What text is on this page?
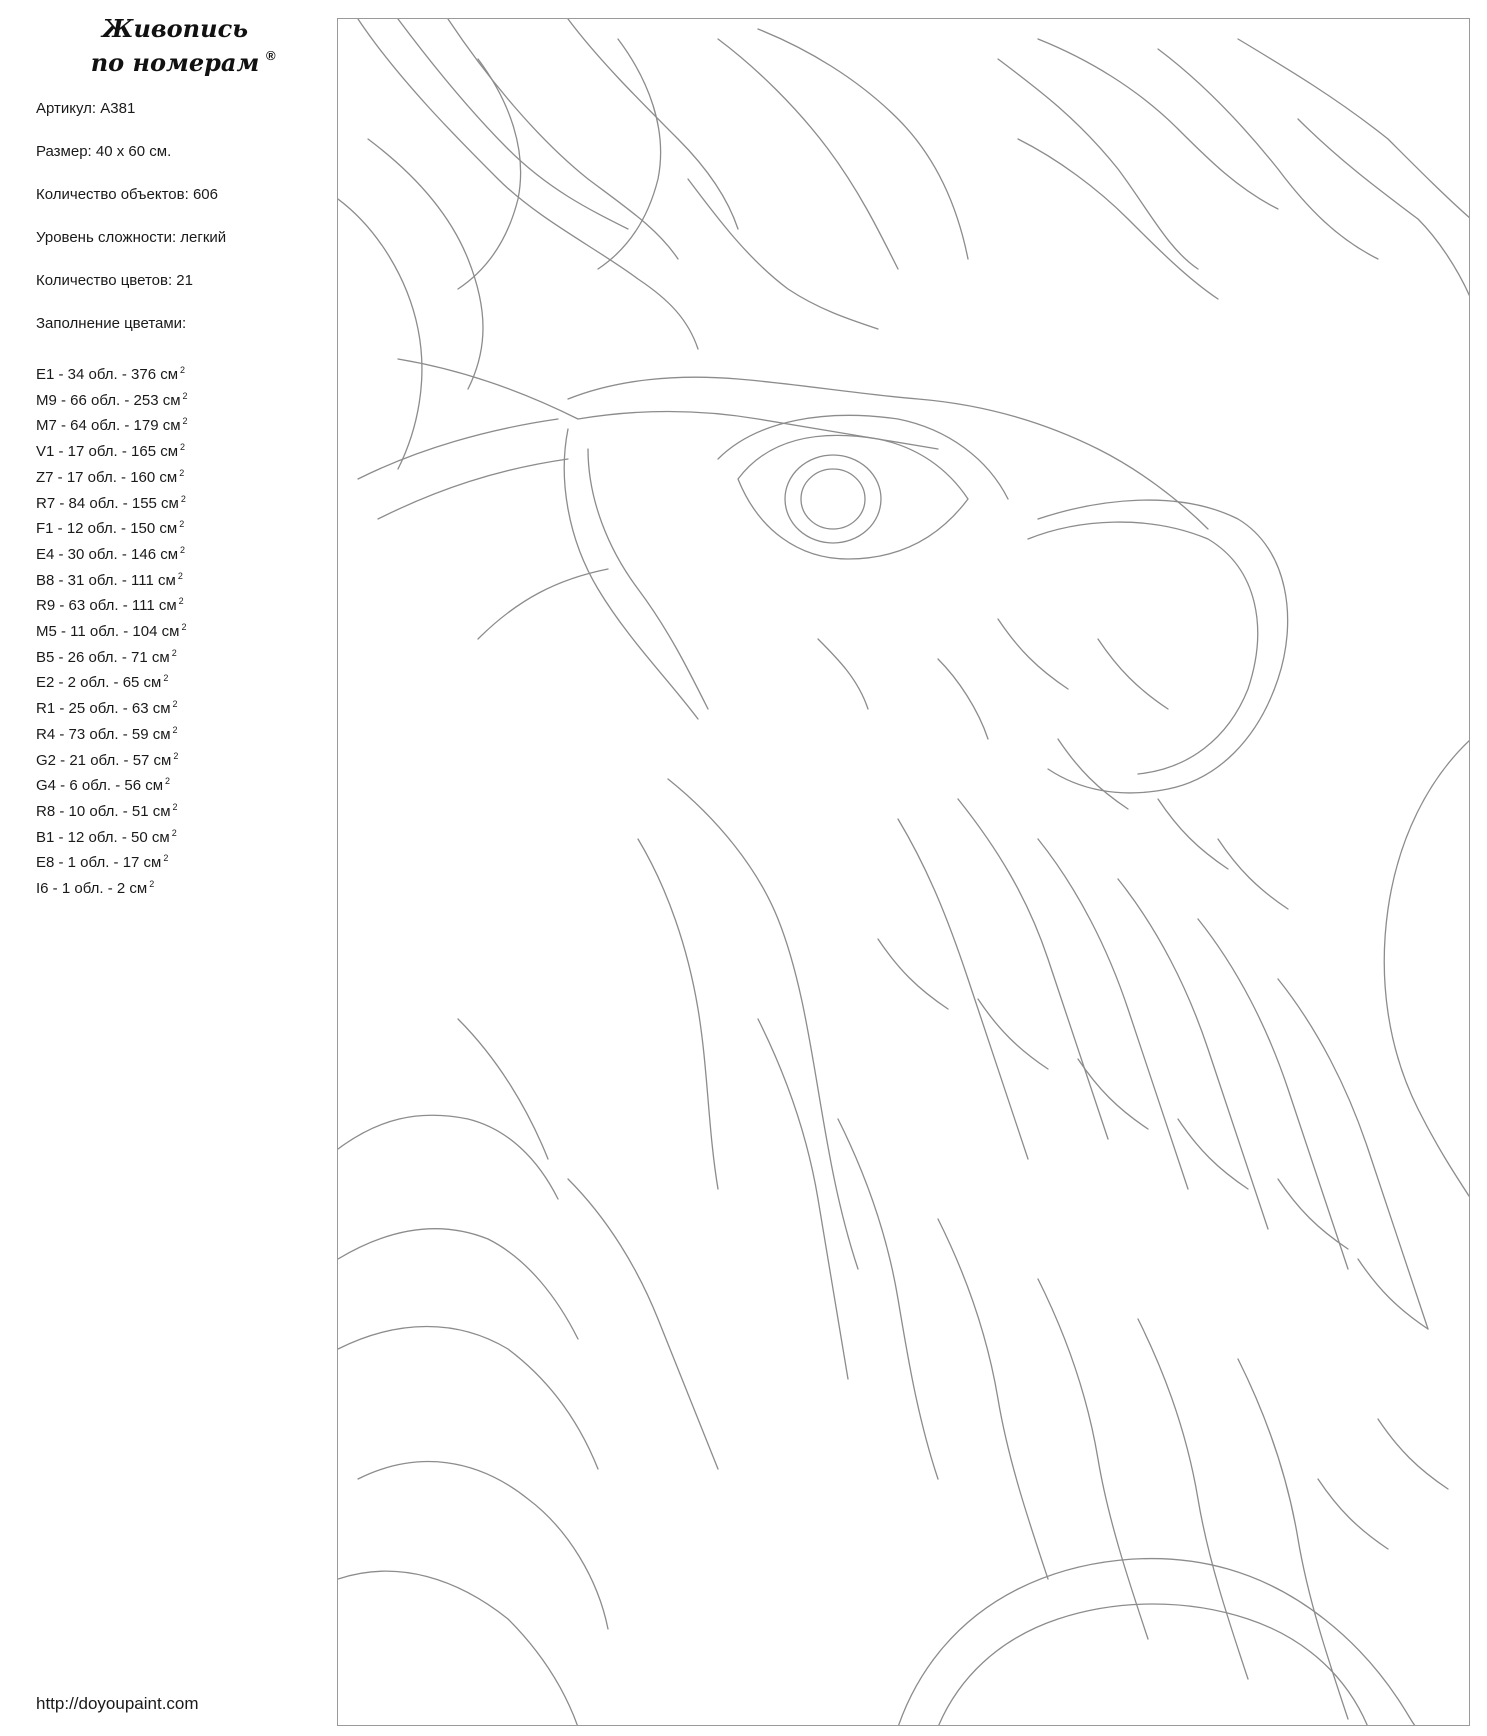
Живопись
по номерам ®
Артикул: A381
Размер: 40 х 60 см.
Количество объектов: 606
Уровень сложности: легкий
Количество цветов: 21
Заполнение цветами:
E1 - 34 обл. - 376 см $^2$
M9 - 66 обл. - 253 см $^2$
M7 - 64 обл. - 179 см $^2$
V1 - 17 обл. - 165 см $^2$
Z7 - 17 обл. - 160 см $^2$
R7 - 84 обл. - 155 см $^2$
F1 - 12 обл. - 150 см $^2$
E4 - 30 обл. - 146 см $^2$
B8 - 31 обл. - 111 см $^2$
R9 - 63 обл. - 111 см $^2$
M5 - 11 обл. - 104 см $^2$
B5 - 26 обл. - 71 см $^2$
E2 - 2 обл. - 65 см $^2$
R1 - 25 обл. - 63 см $^2$
R4 - 73 обл. - 59 см $^2$
G2 - 21 обл. - 57 см $^2$
G4 - 6 обл. - 56 см $^2$
R8 - 10 обл. - 51 см $^2$
B1 - 12 обл. - 50 см $^2$
E8 - 1 обл. - 17 см $^2$
I6 - 1 обл. - 2 см $^2$
http://doyoupaint.com
